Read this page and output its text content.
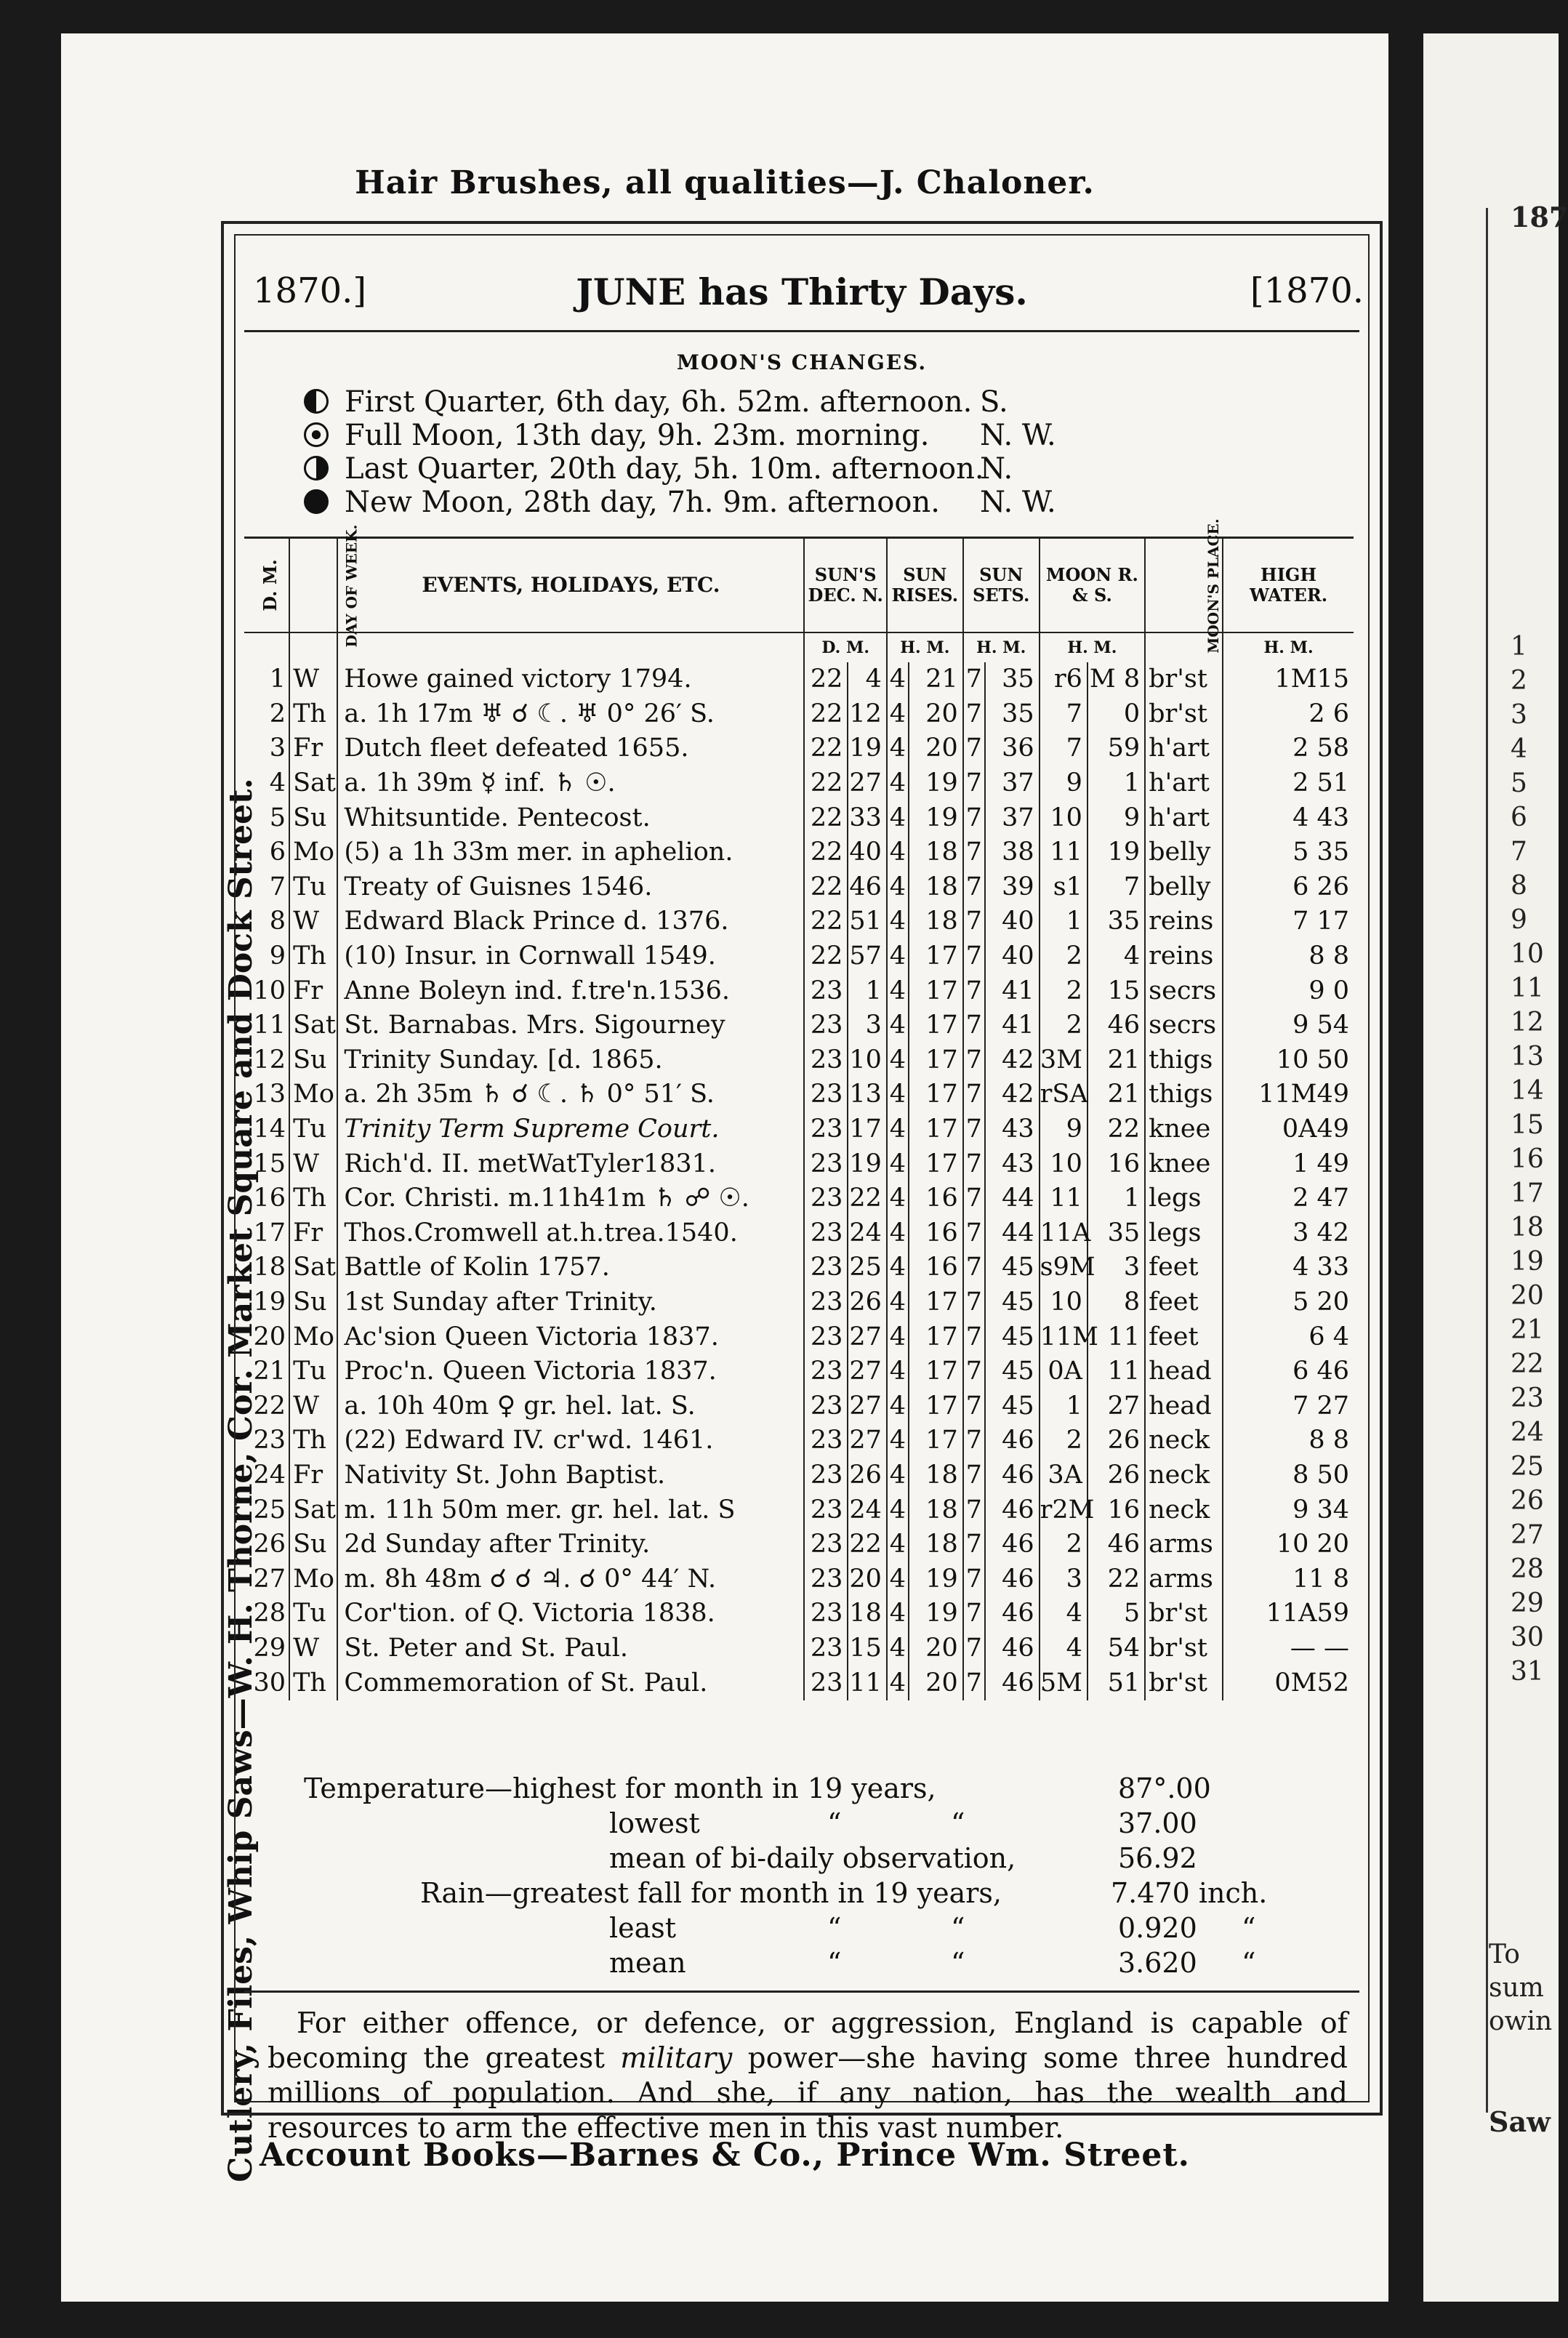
Hair Brushes, all qualities—J. Chaloner.
Cutlery, Files, Whip Saws—W. H. Thorne, Cor. Market Square and Dock Street.
1870.]	JUNE has Thirty Days.	[1870.
MOON'S CHANGES.
First Quarter, 6th day, 6h. 52m. afternoon. S.
Full Moon, 13th day, 9h. 23m. morning. N. W.
Last Quarter, 20th day, 5h. 10m. afternoon.
N.
New Moon, 28th day, 7h. 9m. afternoon. N. W.
D. M.	DAY OF WEEK.	EVENTS, HOLIDAYS, ETC.	SUN'S DEC. N.		SUN RISES.		SUN SETS.		MOON R. & S.		MOON'S PLACE.	HIGH WATER.
			D. M.		H. M.		H. M.		H. M.			H. M.
1	W	Howe gained victory 1794.	22	4	4	21	7	35	r6	M 8	br'st	1M15
2	Th	a. 1h 17m ♅ ☌ ☾. ♅ 0° 26′ S.	22	12	4	20	7	35	7	0	br'st	2 6
3	Fr	Dutch fleet defeated 1655.	22	19	4	20	7	36	7	59	h'art	2 58
4	Sat	a. 1h 39m ☿ inf. ♄ ☉.	22	27	4	19	7	37	9	1	h'art	2 51
5	Su	Whitsuntide. Pentecost.	22	33	4	19	7	37	10	9	h'art	4 43
6	Mo	(5) a 1h 33m mer. in aphelion.	22	40	4	18	7	38	11	19	belly	5 35
7	Tu	Treaty of Guisnes 1546.	22	46	4	18	7	39	s1	7	belly	6 26
8	W	Edward Black Prince d. 1376.	22	51	4	18	7	40	1	35	reins	7 17
9	Th	(10) Insur. in Cornwall 1549.	22	57	4	17	7	40	2	4	reins	8 8
10	Fr	Anne Boleyn ind. f.tre'n.1536.	23	1	4	17	7	41	2	15	secrs	9 0
11	Sat	St. Barnabas. Mrs. Sigourney	23	3	4	17	7	41	2	46	secrs	9 54
12	Su	Trinity Sunday. [d. 1865.	23	10	4	17	7	42	3M	21	thigs	10 50
13	Mo	a. 2h 35m ♄ ☌ ☾. ♄ 0° 51′ S.	23	13	4	17	7	42	rSA	21	thigs	11M49
14	Tu	Trinity Term Supreme Court.	23	17	4	17	7	43	9	22	knee	0A49
15	W	Rich'd. II. metWatTyler1831.	23	19	4	17	7	43	10	16	knee	1 49
16	Th	Cor. Christi. m.11h41m ♄ ☍ ☉.	23	22	4	16	7	44	11	1	legs	2 47
17	Fr	Thos.Cromwell at.h.trea.1540.	23	24	4	16	7	44	11A	35	legs	3 42
18	Sat	Battle of Kolin 1757.	23	25	4	16	7	45	s9M	3	feet	4 33
19	Su	1st Sunday after Trinity.	23	26	4	17	7	45	10	8	feet	5 20
20	Mo	Ac'sion Queen Victoria 1837.	23	27	4	17	7	45	11M	11	feet	6 4
21	Tu	Proc'n. Queen Victoria 1837.	23	27	4	17	7	45	0A	11	head	6 46
22	W	a. 10h 40m ♀ gr. hel. lat. S.	23	27	4	17	7	45	1	27	head	7 27
23	Th	(22) Edward IV. cr'wd. 1461.	23	27	4	17	7	46	2	26	neck	8 8
24	Fr	Nativity St. John Baptist.	23	26	4	18	7	46	3A	26	neck	8 50
25	Sat	m. 11h 50m mer. gr. hel. lat. S	23	24	4	18	7	46	r2M	16	neck	9 34
26	Su	2d Sunday after Trinity.	23	22	4	18	7	46	2	46	arms	10 20
27	Mo	m. 8h 48m ☌ ☌ ♃. ☌ 0° 44′ N.	23	20	4	19	7	46	3	22	arms	11 8
28	Tu	Cor'tion. of Q. Victoria 1838.	23	18	4	19	7	46	4	5	br'st	11A59
29	W	St. Peter and St. Paul.	23	15	4	20	7	46	4	54	br'st	— —
30	Th	Commemoration of St. Paul.	23	11	4	20	7	46	5M	51	br'st	0M52
Temperature—highest for month in 19 years,	87°.00
lowest	“	“	37.00
mean of bi-daily observation,	56.92
Rain—greatest fall for month in 19 years,	7.470 inch.
least	“	“	0.920 “
mean	“	“	3.620 “

For either offence, or defence, or aggression, England is capable of becoming the greatest military power—she having some three hundred millions of population. And she, if any nation, has the wealth and resources to arm the effective men in this vast number.

Account Books—Barnes & Co., Prince Wm. Street.
187
1
2
3
4
5
6
7
8
9
10
11
12
13
14
15
16
17
18
19
20
21
22
23
24
25
26
27
28
29
30
31
To sum owin
Saw
